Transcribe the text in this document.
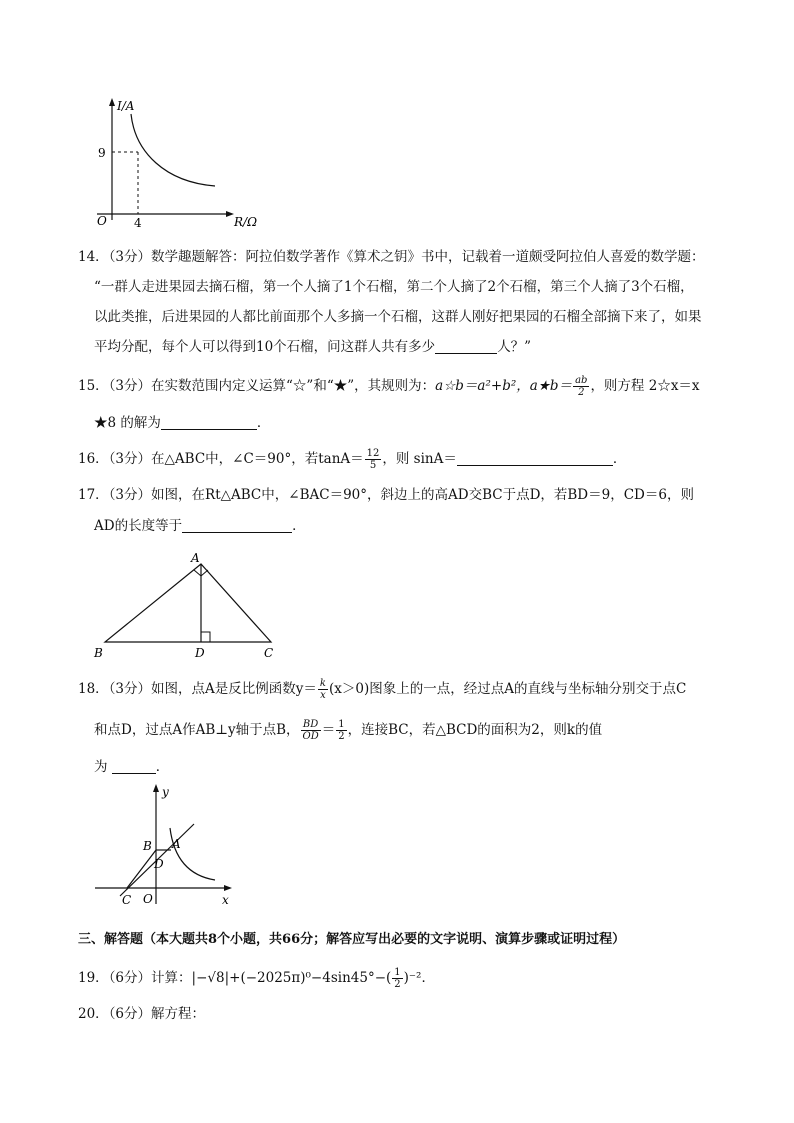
I/A
R/Ω
O
9
4
14．（3分）数学趣题解答：阿拉伯数学著作《算术之钥》书中，记载着一道颇受阿拉伯人喜爱的数学题：
“一群人走进果园去摘石榴，第一个人摘了1个石榴，第二个人摘了2个石榴，第三个人摘了3个石榴，
以此类推，后进果园的人都比前面那个人多摘一个石榴，这群人刚好把果园的石榴全部摘下来了，如果
平均分配，每个人可以得到10个石榴，问这群人共有多少	人？”
15．（3分）在实数范围内定义运算“☆”和“★”，其规则为：a☆b＝a²+b²，a★b＝ $\frac{ab}{2}$ ，则方程 2☆x＝x
★8 的解为	．
16．（3分）在△ABC中，∠C＝90°，若$\tan A= \frac{12}{5}$ ，则 sinA＝	．
17．（3分）如图，在Rt△ABC中，∠BAC＝90°，斜边上的高AD交BC于点D，若BD＝9，CD＝6，则
AD的长度等于	．
A
B	C
D
18．（3分）如图，点A是反比例函数$y= \frac{k}{x} (x>0)$图象上的一点，经过点A的直线与坐标轴分别交于点C
和点D，过点A作AB⊥y轴于点B， $\frac{BD}{OD} = \frac{1}{2}$ ，连接BC，若△BCD的面积为2，则k的值
为	．
y
x
O
C
B A
D
三、解答题（本大题共8个小题，共66分；解答应写出必要的文字说明、演算步骤或证明过程）
19．（6分）计算：$|-√8|+(-2025\pi)^0-4\sin 45^\circ-( \frac{1}{2} )^{-2}$．
20．（6分）解方程：
